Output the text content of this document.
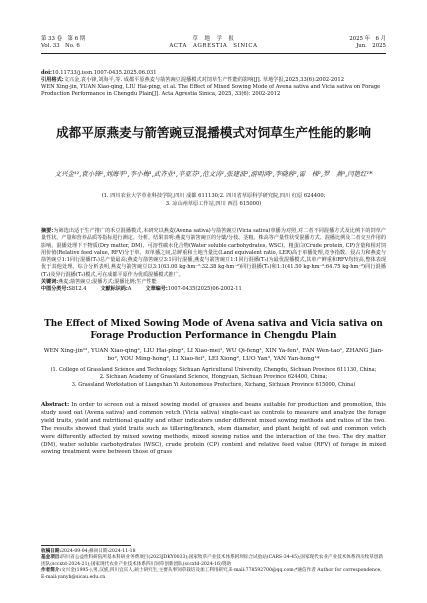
第 33 卷　第 6 期	草　地　学　报	2025 年　6 月
Vol. 33　No. 6	ACTA　AGRESTIA　SINICA	Jun.　2025
doi:10.11733/j.issn.1007-0435.2025.06.031
引用格式:文兴金,袁小锋,刘海平,等. 成都平原燕麦与箭筈豌豆混播模式对饲草生产性能的影响[J]. 草地学报,2025,33(6):2002-2012
WEN Xing-jin, YUAN Xiao-qing, LIU Hai-ping, et al. The Effect of Mixed Sowing Mode of Avena sativa and Vicia sativa on Forage Production Performance in Chengdu Plain[J]. Acta Agrestia Sinica, 2025, 33(6): 2002-2012
成都平原燕麦与箭筈豌豆混播模式对饲草生产性能的影响
文兴金¹²,袁小锋¹,刘海平¹,李小梅¹,武齐业¹,辛亚芬¹,范文涛¹,张建波²,游明鸿²,李晓蓉²,雷　梯²,罗　燕³,闫艳红¹*
(1. 四川农业大学草业科技学院,四川 成都 611130;2. 四川省草原科学研究院,四川 红原 624400;
3. 凉山州草原工作站,四川 西昌 615000)
摘要:为筛选出适于生产推广的禾豆混播模式,本研究以燕麦(Avena sativa)与箭筈豌豆(Vicia sativa)单播为对照,对二者不同混播方式及比例下的饲草产量性状、产量和营养品质等指标进行测定、分析。结果表明:燕麦与箭筈豌豆的分蘖/分枝、茎粗、株高等产量性状受混播方式、混播比例及二者交互作用的影响。混播处理下干物质(Dry matter, DM)、可溶性碳水化合物(Water soluble carbohydrates, WSC)、粗蛋白(Crude protein, CP)含量和相对饲用价值(Relative feed value, RFV)分于单、双单播之间,总鲜重和土地当量比(Land equivalent ratio, LER)高于单播处理,竞争指数、侵占力和燕麦与箭筈豌豆1:1同行混播(T₁)总产量最高;燕麦与箭筈豌豆3:1同行混播,燕麦与箭筈豌豆1:1同行混播(T₃)为最优混播模式,其单产鲜重和RFV均较高,整体表现优于其他处理。综合分析表明,燕麦与箭筈豌豆以3:1(63.00 kg·hm⁻²:32.38 kg·hm⁻²)同行混播(T₃)和1:1(41.50 kg·hm⁻²:64.75 kg·hm⁻²)同行混播(T₁)及异行混播(T₅)模式,可在成都平原作为优质混播模式推广。
关键词:燕麦;箭筈豌豆;混播方式;混播比例;生产性能
中图分类号:S812.4	文献标识码:A	文章编号:1007-0435(2025)06-2002-11
The Effect of Mixed Sowing Mode of Avena sativa and Vicia sativa on Forage Production Performance in Chengdu Plain
WEN Xing-jin¹², YUAN Xiao-qing¹, LIU Hai-ping¹, LI Xiao-mei¹, WU Qi-feng¹, XIN Ya-fen¹, FAN Wen-tao¹, ZHANG Jian-bo², YOU Ming-hong², LI Xiao-fei², LEI Xiong², LUO Yan³, YAN Yan-hong¹*
(1. College of Grassland Science and Technology, Sichuan Agricultural University, Chengdu, Sichuan Province 611130, China;
2. Sichuan Academy of Grassland Science, Hongyuan, Sichuan Province 624400, China;
3. Grassland Workstation of Liangshan Yi Autonomous Prefecture, Xichang, Sichuan Province 615000, China)
Abstract: In order to screen out a mixed sowing model of grasses and beans suitable for production and promotion, this study used oat (Avena sativa) and common vetch (Vicia sativa) single-cast as controls to measure and analyze the forage yield traits, yield and nutritional quality and other indicators under different mixed sowing methods and ratios of the two. The results showed that yield traits such as tillering/branch, stem diameter, and plant height of oat and common vetch were differently affected by mixed sowing methods, mixed sowing ratios and the interaction of the two. The dry matter (DM), water soluble carbohydrates (WSC), crude protein (CP) content and relative feed value (RFV) of forage in mixed sowing treatment were between those of grass
收稿日期:2024-09-04;修回日期:2024-11-18
基金项目:四川省公益性科研院所基本科研业务费项目(2023JDKY0033);国家牧草产业技术体系阿坝综合试验站(CARS-34-45);国家现代农业产业技术体系四川牧草创新团队(sccxtd-2024-21);国家现代农业产业技术体系四川饲草创新团队(sccxtd-2024-16)资助
作者简介:文兴金(1995-),男,汉族,四川宜宾人,硕士研究生,主要从事饲草栽培及加工利用研究,E-mail:778592700@qq.com;*通信作者 Author for correspondence, E-mail:yanyh@sicau.edu.cn
